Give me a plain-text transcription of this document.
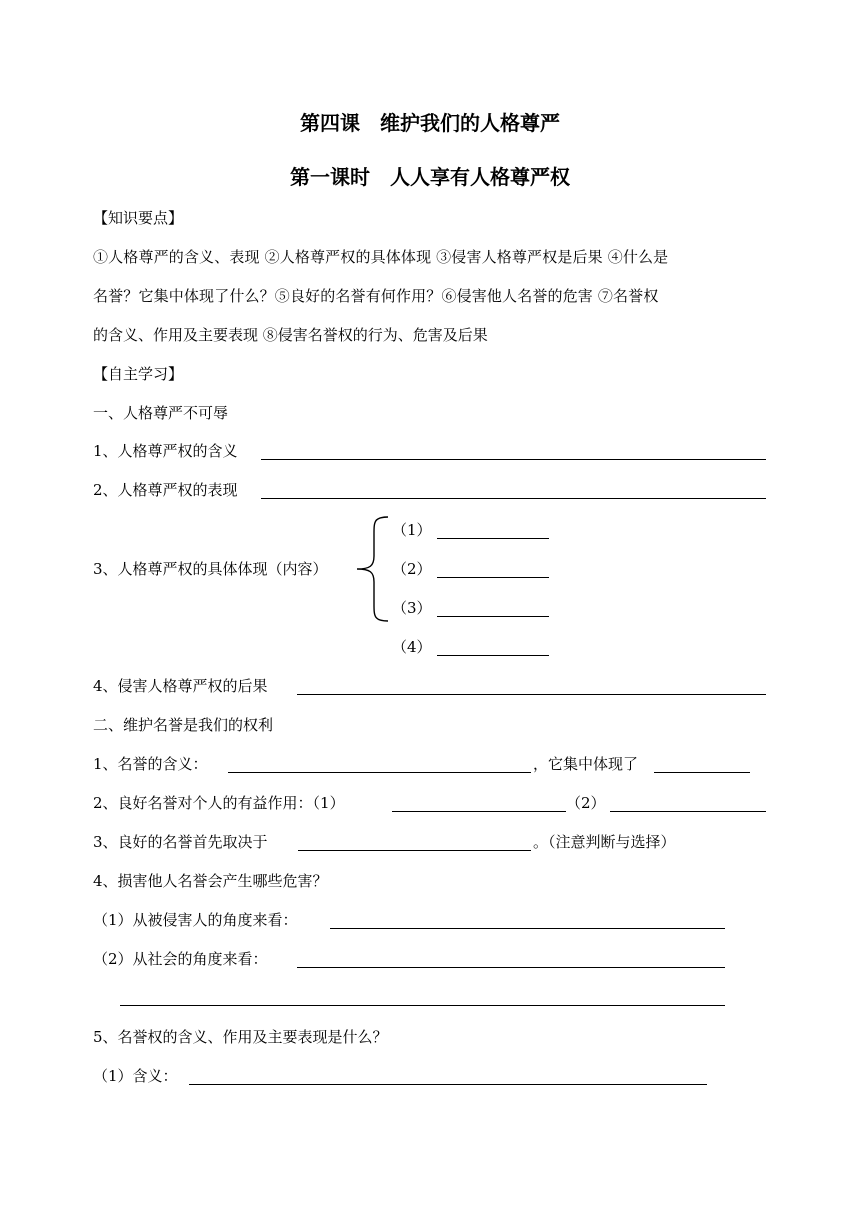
第四课　维护我们的人格尊严
第一课时　人人享有人格尊严权
【知识要点】
①人格尊严的含义、表现 ②人格尊严权的具体体现 ③侵害人格尊严权是后果 ④什么是
名誉？它集中体现了什么？⑤良好的名誉有何作用？⑥侵害他人名誉的危害 ⑦名誉权
的含义、作用及主要表现 ⑧侵害名誉权的行为、危害及后果
【自主学习】
一、人格尊严不可辱
1、人格尊严权的含义
2、人格尊严权的表现
3、人格尊严权的具体体现（内容）
（1）
（2）
（3）
（4）
4、侵害人格尊严权的后果
二、维护名誉是我们的权利
1、名誉的含义：	，它集中体现了
2、良好名誉对个人的有益作用：（1）	（2）
3、良好的名誉首先取决于	。（注意判断与选择）
4、损害他人名誉会产生哪些危害？
（1）从被侵害人的角度来看：
（2）从社会的角度来看：
5、名誉权的含义、作用及主要表现是什么？
（1）含义：
